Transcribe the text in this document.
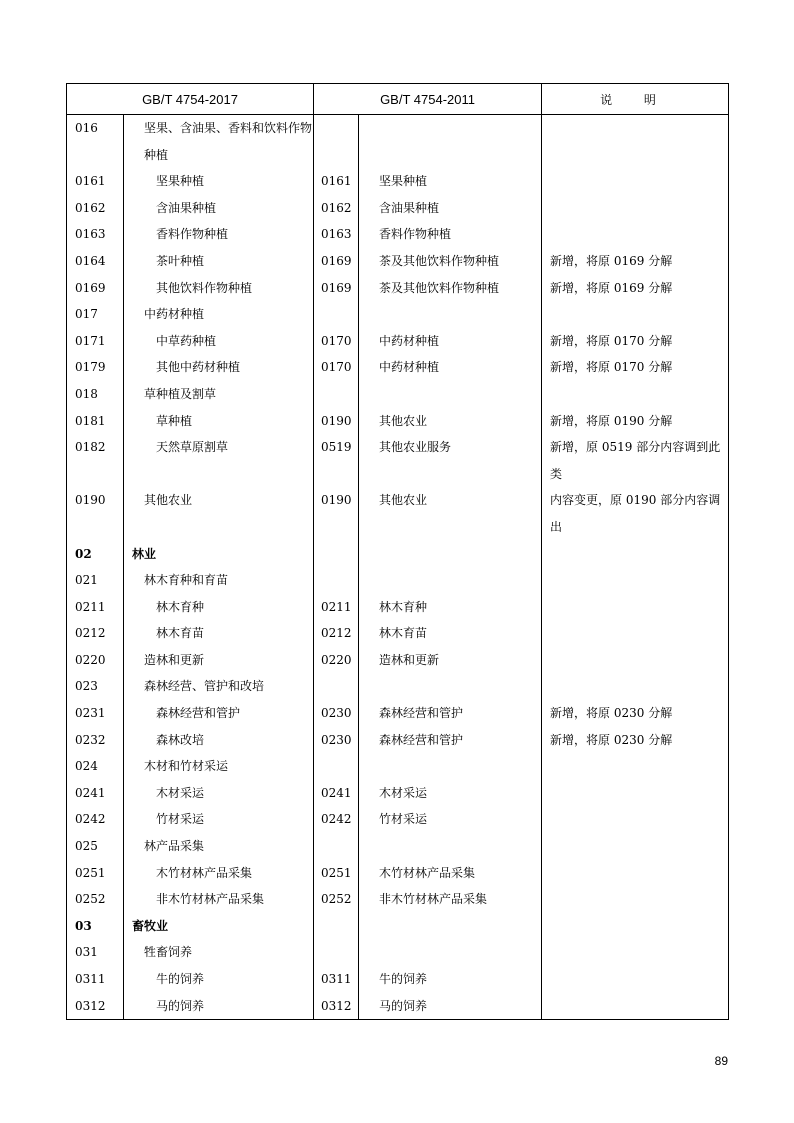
GB/T 4754-2017		GB/T 4754-2011		说 明
016	坚果、含油果、香料和饮料作物种植			
0161	坚果种植	0161	坚果种植	
0162	含油果种植	0162	含油果种植	
0163	香料作物种植	0163	香料作物种植	
0164	茶叶种植	0169	茶及其他饮料作物种植	新增，将原 0169 分解
0169	其他饮料作物种植	0169	茶及其他饮料作物种植	新增，将原 0169 分解
017	中药材种植			
0171	中草药种植	0170	中药材种植	新增，将原 0170 分解
0179	其他中药材种植	0170	中药材种植	新增，将原 0170 分解
018	草种植及割草			
0181	草种植	0190	其他农业	新增，将原 0190 分解
0182	天然草原割草	0519	其他农业服务	新增，原 0519 部分内容调到此类
0190	其他农业	0190	其他农业	内容变更，原 0190 部分内容调出
02	林业			
021	林木育种和育苗			
0211	林木育种	0211	林木育种	
0212	林木育苗	0212	林木育苗	
0220	造林和更新	0220	造林和更新	
023	森林经营、管护和改培			
0231	森林经营和管护	0230	森林经营和管护	新增，将原 0230 分解
0232	森林改培	0230	森林经营和管护	新增，将原 0230 分解
024	木材和竹材采运			
0241	木材采运	0241	木材采运	
0242	竹材采运	0242	竹材采运	
025	林产品采集			
0251	木竹材林产品采集	0251	木竹材林产品采集	
0252	非木竹材林产品采集	0252	非木竹材林产品采集	
03	畜牧业			
031	牲畜饲养			
0311	牛的饲养	0311	牛的饲养	
0312	马的饲养	0312	马的饲养	
89
